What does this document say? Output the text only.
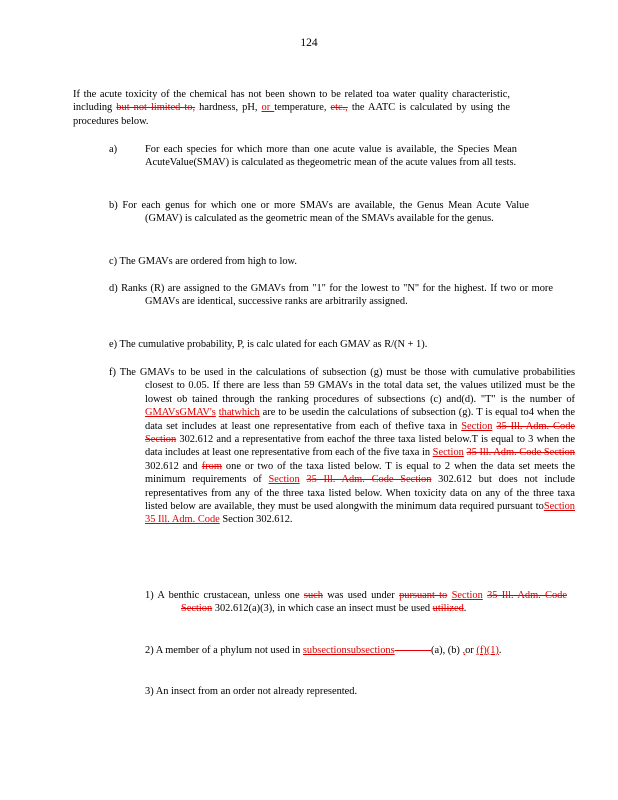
124
If the acute toxicity of the chemical has not been shown to be related toa water quality characteristic, including but not limited to, hardness, pH, or temperature, etc., the AATC is calculated by using the procedures below.
a)	For each species for which more than one acute value is available, the Species Mean AcuteValue(SMAV) is calculated as thegeometric mean of the acute values from all tests.
b) For each genus for which one or more SMAVs are available, the Genus Mean Acute Value (GMAV) is calculated as the geometric mean of the SMAVs available for the genus.
c) The GMAVs are ordered from high to low.
d) Ranks (R) are assigned to the GMAVs from "1" for the lowest to "N" for the highest. If two or more GMAVs are identical, successive ranks are arbitrarily assigned.
e) The cumulative probability, P, is calc ulated for each GMAV as R/(N + 1).
f) The GMAVs to be used in the calculations of subsection (g) must be those with cumulative probabilities closest to 0.05. If there are less than 59 GMAVs in the total data set, the values utilized must be the lowest ob tained through the ranking procedures of subsections (c) and(d). "T" is the number of GMAVsGMAV's thatwhich are to be usedin the calculations of subsection (g). T is equal to4 when the data set includes at least one representative from each of thefive taxa in Section 35 Ill. Adm. Code Section 302.612 and a representative from eachof the three taxa listed below.T is equal to 3 when the data includes at least one representative from each of the five taxa in Section 35 Ill. Adm. Code Section 302.612 and from one or two of the taxa listed below. T is equal to 2 when the data set meets the minimum requirements of Section 35 Ill. Adm. Code Section 302.612 but does not include representatives from any of the three taxa listed below. When toxicity data on any of the three taxa listed below are available, they must be used alongwith the minimum data required pursuant toSection 35 Ill. Adm. Code Section 302.612.
1) A benthic crustacean, unless one such was used under pursuant to Section 35 Ill. Adm. Code Section 302.612(a)(3), in which case an insect must be used utilized.
2) A member of a phylum not used in subsectionsubsections	(a), (b) ,or (f)(1).
3) An insect from an order not already represented.
